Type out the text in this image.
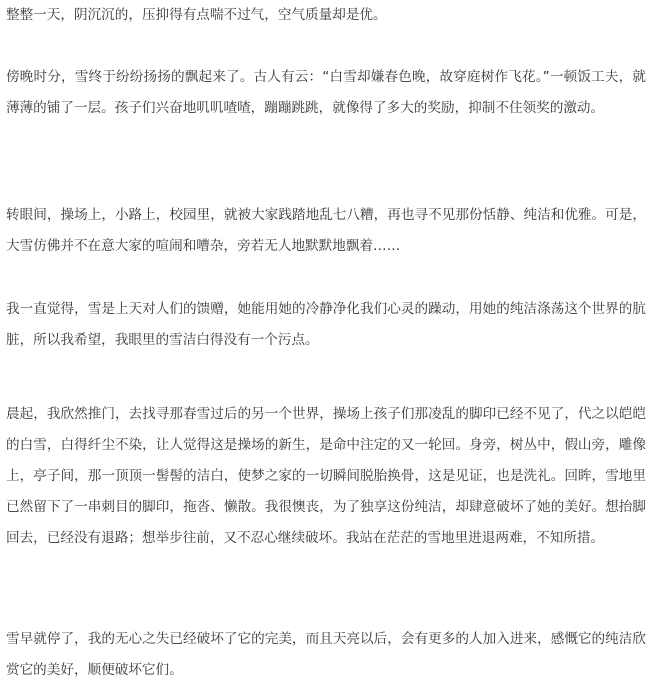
整整一天，阴沉沉的，压抑得有点喘不过气，空气质量却是优。

傍晚时分，雪终于纷纷扬扬的飘起来了。古人有云：“白雪却嫌春色晚，故穿庭树作飞花。”一顿饭工夫，就薄薄的铺了一层。孩子们兴奋地叽叽喳喳，蹦蹦跳跳，就像得了多大的奖励，抑制不住领奖的激动。

转眼间，操场上，小路上，校园里，就被大家践踏地乱七八糟，再也寻不见那份恬静、纯洁和优雅。可是，大雪仿佛并不在意大家的喧闹和嘈杂，旁若无人地默默地飘着……

我一直觉得，雪是上天对人们的馈赠，她能用她的冷静净化我们心灵的躁动，用她的纯洁涤荡这个世界的肮脏，所以我希望，我眼里的雪洁白得没有一个污点。

晨起，我欣然推门，去找寻那春雪过后的另一个世界，操场上孩子们那凌乱的脚印已经不见了，代之以皑皑的白雪，白得纤尘不染，让人觉得这是操场的新生，是命中注定的又一轮回。身旁，树丛中，假山旁，雕像上，亭子间，那一顶顶一髻髻的洁白，使梦之家的一切瞬间脱胎换骨，这是见证，也是洗礼。回眸，雪地里已然留下了一串刺目的脚印，拖沓、懒散。我很懊丧，为了独享这份纯洁，却肆意破坏了她的美好。想抬脚回去，已经没有退路；想举步往前，又不忍心继续破坏。我站在茫茫的雪地里进退两难，不知所措。

雪早就停了，我的无心之失已经破坏了它的完美，而且天亮以后，会有更多的人加入进来，感慨它的纯洁欣赏它的美好，顺便破坏它们。
